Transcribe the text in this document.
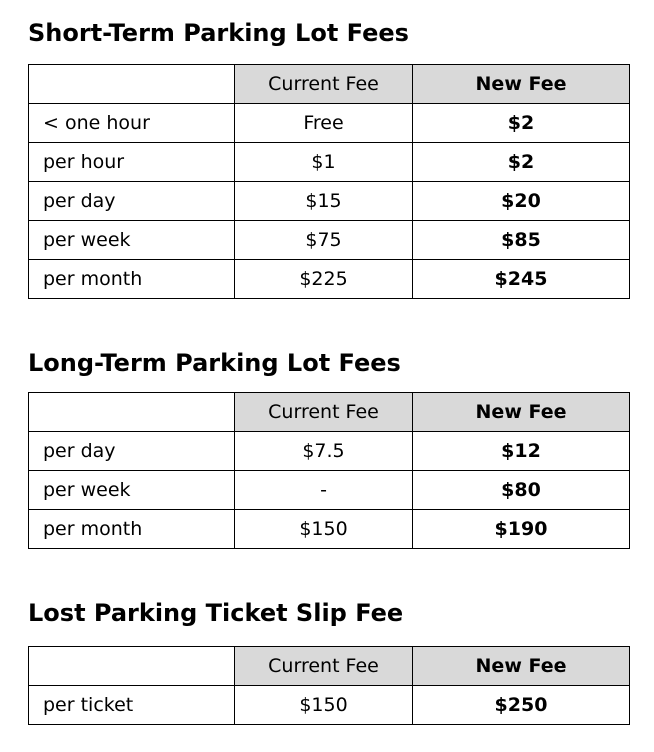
Short-Term Parking Lot Fees
	Current Fee	New Fee
< one hour	Free	$2
per hour	$1	$2
per day	$15	$20
per week	$75	$85
per month	$225	$245
Long-Term Parking Lot Fees
	Current Fee	New Fee
per day	$7.5	$12
per week	-	$80
per month	$150	$190
Lost Parking Ticket Slip Fee
	Current Fee	New Fee
per ticket	$150	$250
